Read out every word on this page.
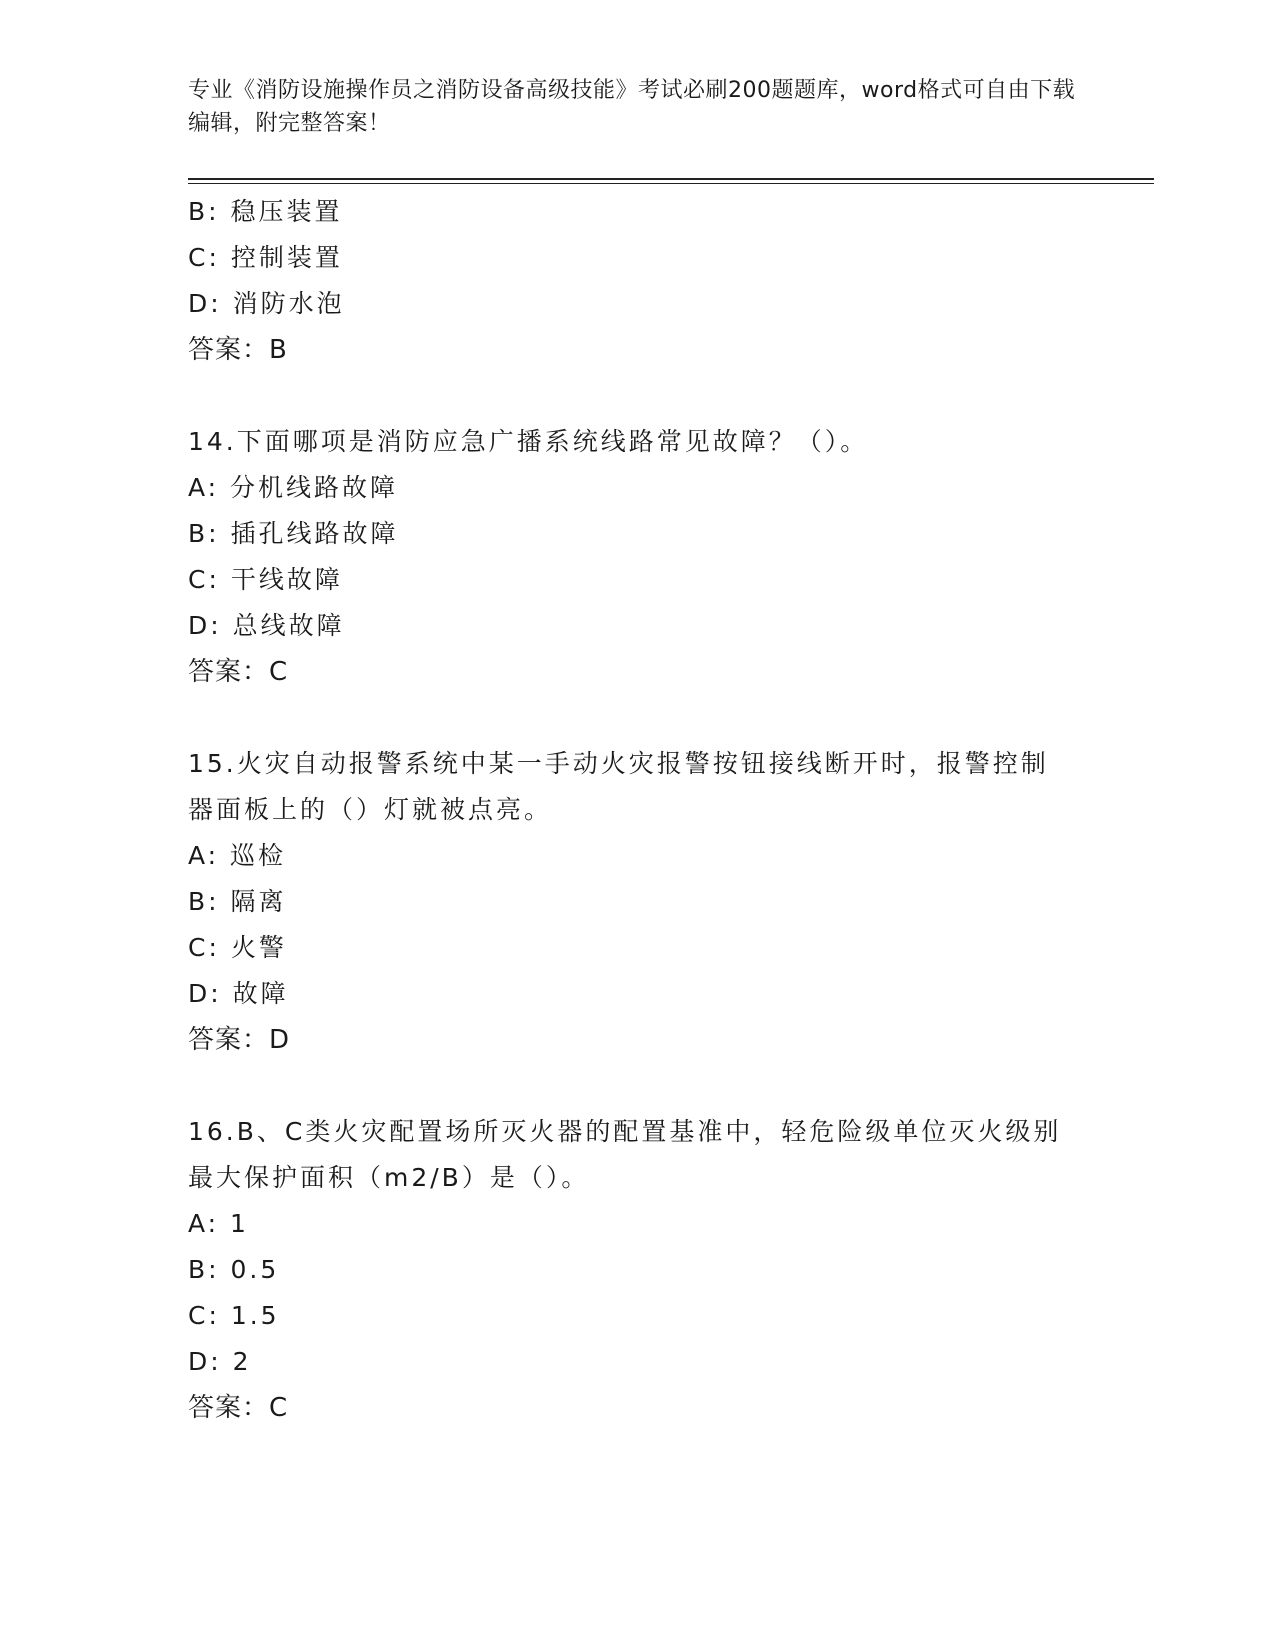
专业《消防设施操作员之消防设备高级技能》考试必刷200题题库，word格式可自由下载编辑，附完整答案！
B: 稳压装置
C: 控制装置
D: 消防水泡
答案：B
14.下面哪项是消防应急广播系统线路常见故障？（）。
A: 分机线路故障
B: 插孔线路故障
C: 干线故障
D: 总线故障
答案：C
15.火灾自动报警系统中某一手动火灾报警按钮接线断开时，报警控制
器面板上的（）灯就被点亮。
A: 巡检
B: 隔离
C: 火警
D: 故障
答案：D
16.B、C类火灾配置场所灭火器的配置基准中，轻危险级单位灭火级别
最大保护面积（m2/B）是（）。
A: 1
B: 0.5
C: 1.5
D: 2
答案：C
